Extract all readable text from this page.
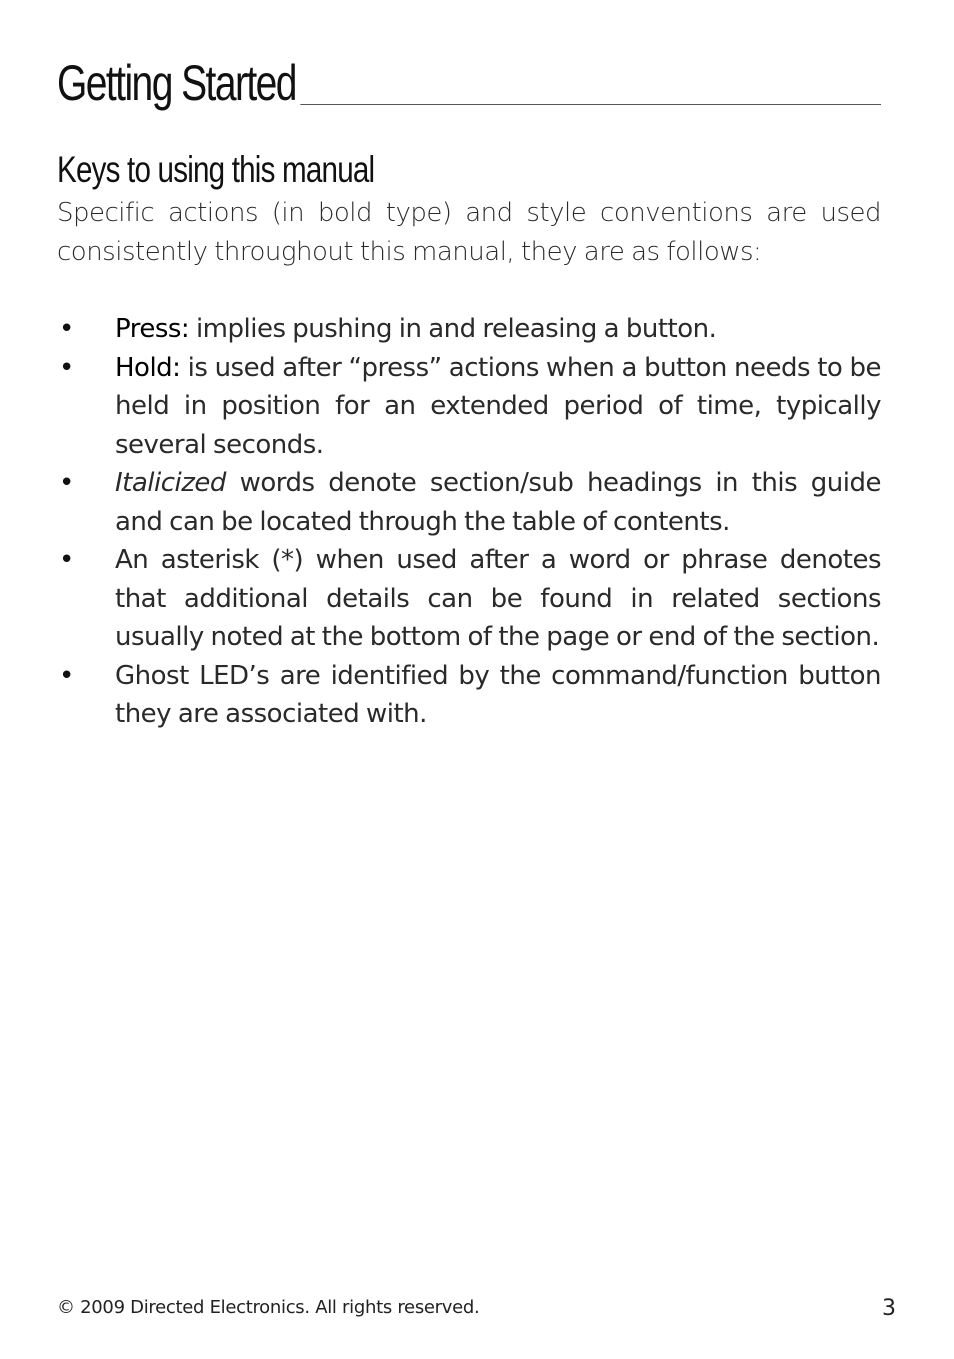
Getting Started
Keys to using this manual

Specific actions (in bold type) and style conventions are used consistently throughout this manual, they are as follows:

• Press: implies pushing in and releasing a button.
• Hold: is used after “press” actions when a button needs to be held in position for an extended period of time, typically several seconds.
• Italicized words denote section/sub headings in this guide and can be located through the table of contents.
• An asterisk (*) when used after a word or phrase denotes that additional details can be found in related sections usually noted at the bottom of the page or end of the section.
• Ghost LED’s are identified by the command/function button they are associated with.
© 2009 Directed Electronics. All rights reserved.	3
